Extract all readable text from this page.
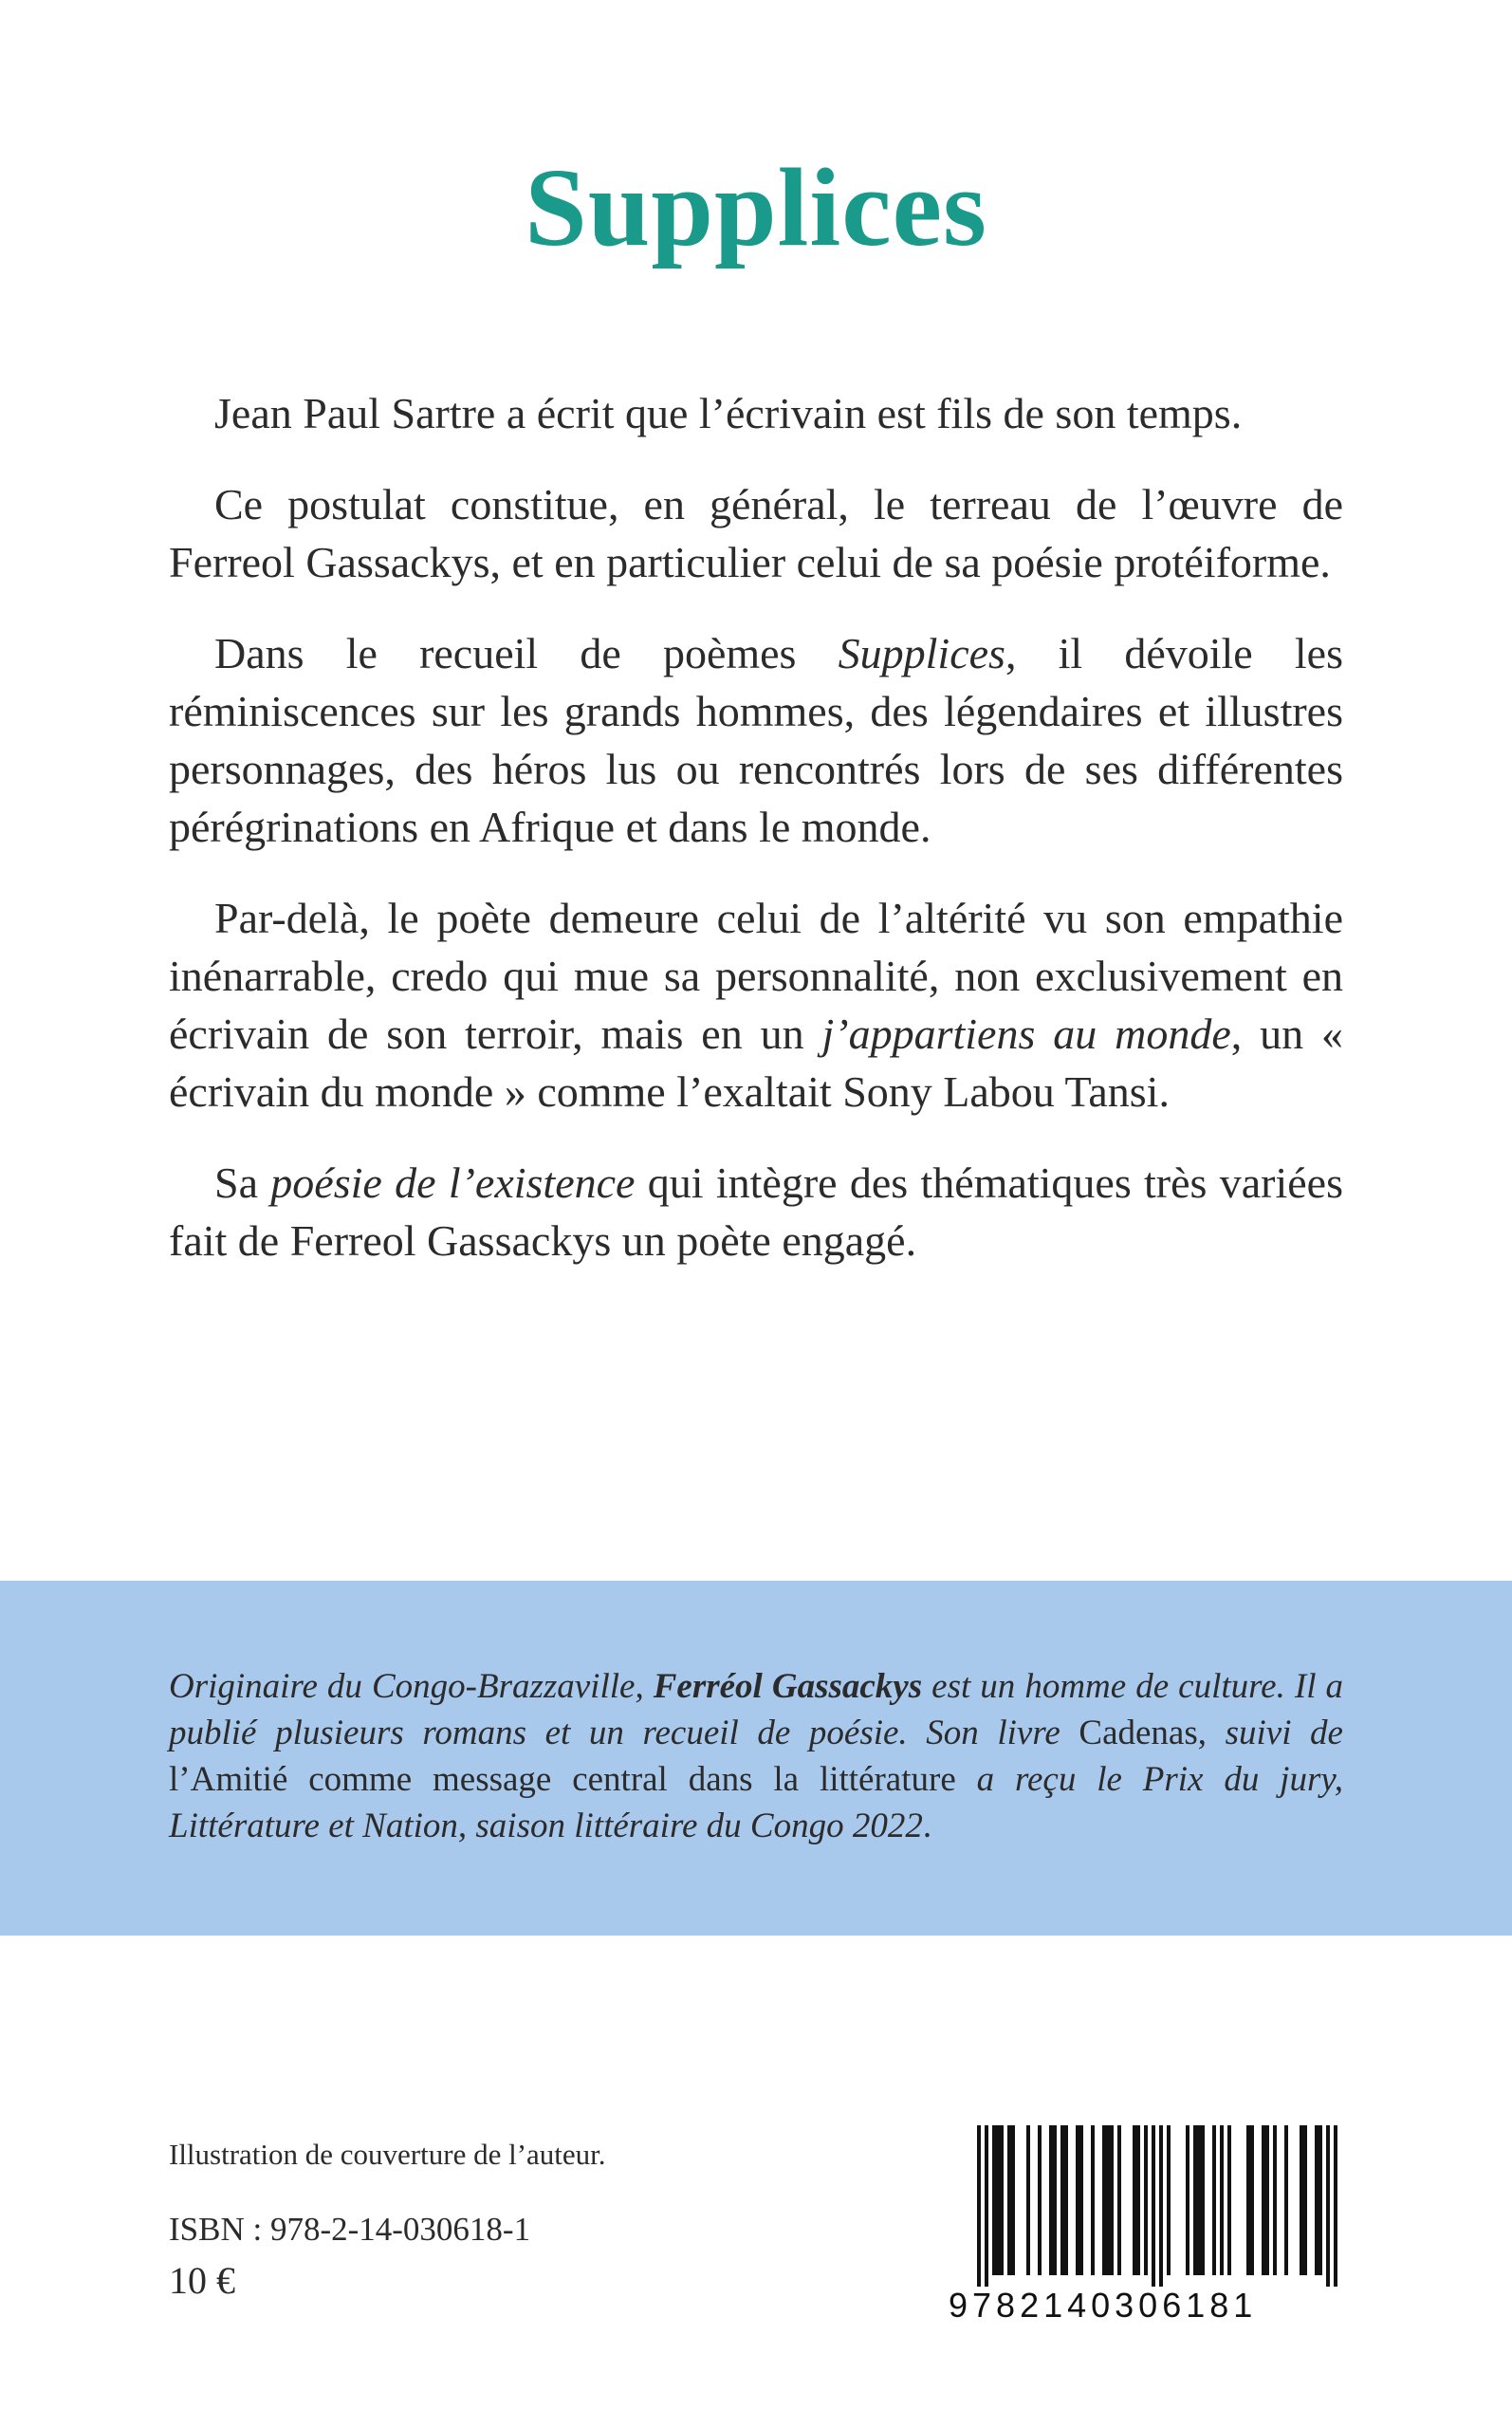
Supplices

Jean Paul Sartre a écrit que l’écrivain est fils de son temps.

Ce postulat constitue, en général, le terreau de l’œuvre de Ferreol Gassackys, et en particulier celui de sa poésie protéiforme.

Dans le recueil de poèmes Supplices, il dévoile les réminiscences sur les grands hommes, des légendaires et illustres personnages, des héros lus ou rencontrés lors de ses différentes pérégrinations en Afrique et dans le monde.

Par-delà, le poète demeure celui de l’altérité vu son empathie inénarrable, credo qui mue sa personnalité, non exclusivement en écrivain de son terroir, mais en un j’appartiens au monde, un « écrivain du monde » comme l’exaltait Sony Labou Tansi.

Sa poésie de l’existence qui intègre des thématiques très variées fait de Ferreol Gassackys un poète engagé.

Originaire du Congo-Brazzaville, Ferréol Gassackys est un homme de culture. Il a publié plusieurs romans et un recueil de poésie. Son livre Cadenas, suivi de l’Amitié comme message central dans la littérature a reçu le Prix du jury, Littérature et Nation, saison littéraire du Congo 2022.

Illustration de couverture de l’auteur.

ISBN : 978-2-14-030618-1

10 €

9782140306181
